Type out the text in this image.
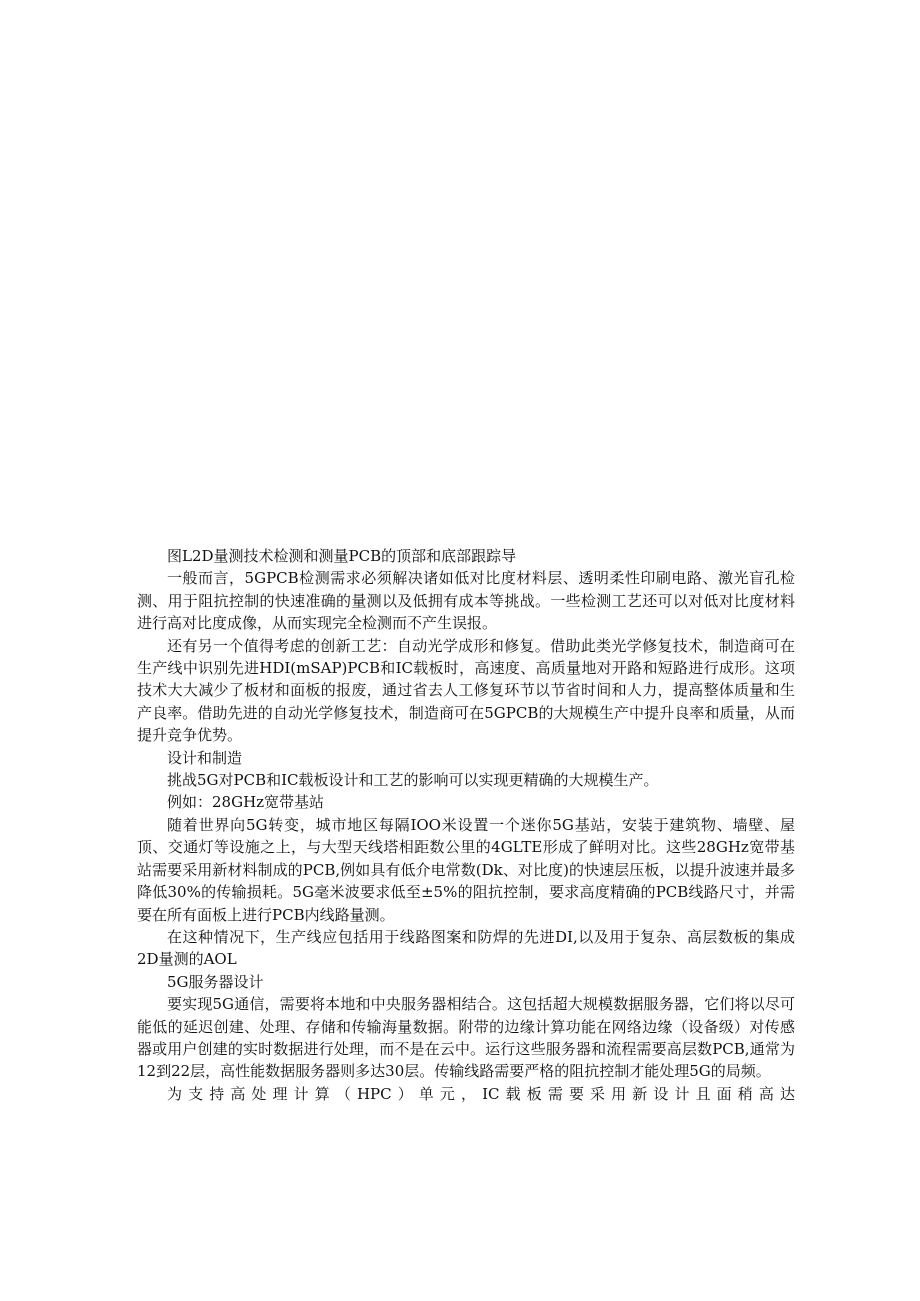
图L2D量测技术检测和测量PCB的顶部和底部跟踪导

一般而言，5GPCB检测需求必须解决诸如低对比度材料层、透明柔性印刷电路、激光盲孔检测、用于阻抗控制的快速准确的量测以及低拥有成本等挑战。一些检测工艺还可以对低对比度材料进行高对比度成像，从而实现完全检测而不产生误报。

还有另一个值得考虑的创新工艺：自动光学成形和修复。借助此类光学修复技术，制造商可在生产线中识别先进HDI(mSAP)PCB和IC载板时，高速度、高质量地对开路和短路进行成形。这项技术大大减少了板材和面板的报废，通过省去人工修复环节以节省时间和人力，提高整体质量和生产良率。借助先进的自动光学修复技术，制造商可在5GPCB的大规模生产中提升良率和质量，从而提升竞争优势。

设计和制造

挑战5G对PCB和IC载板设计和工艺的影响可以实现更精确的大规模生产。

例如：28GHz宽带基站

随着世界向5G转变，城市地区每隔IOO米设置一个迷你5G基站，安装于建筑物、墙壁、屋顶、交通灯等设施之上，与大型天线塔相距数公里的4GLTE形成了鲜明对比。这些28GHz宽带基站需要采用新材料制成的PCB,例如具有低介电常数(Dk、对比度)的快速层压板，以提升波速并最多降低30%的传输损耗。5G毫米波要求低至±5%的阻抗控制，要求高度精确的PCB线路尺寸，并需要在所有面板上进行PCB内线路量测。

在这种情况下，生产线应包括用于线路图案和防焊的先进DI,以及用于复杂、高层数板的集成2D量测的AOL

5G服务器设计

要实现5G通信，需要将本地和中央服务器相结合。这包括超大规模数据服务器，它们将以尽可能低的延迟创建、处理、存储和传输海量数据。附带的边缘计算功能在网络边缘（设备级）对传感器或用户创建的实时数据进行处理，而不是在云中。运行这些服务器和流程需要高层数PCB,通常为12到22层，高性能数据服务器则多达30层。传输线路需要严格的阻抗控制才能处理5G的局频。

为支持高处理计算（HPC）单元，IC载板需要采用新设计且面稍高达
